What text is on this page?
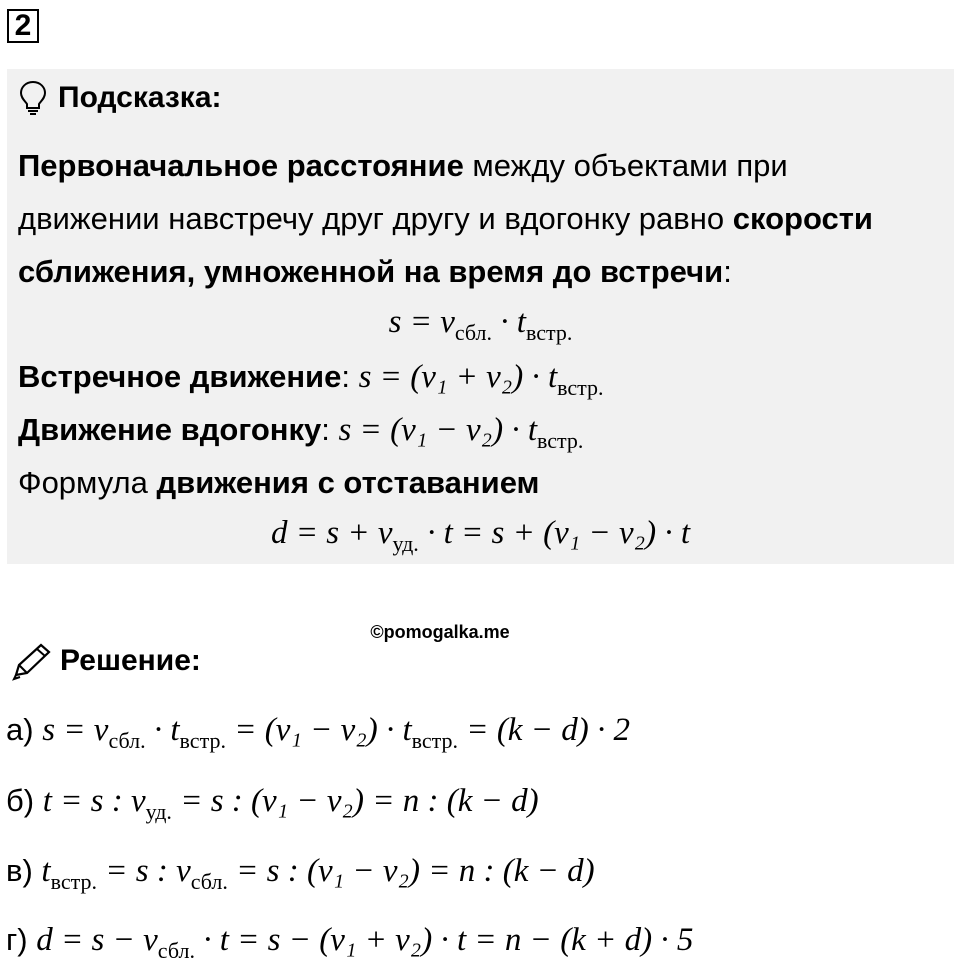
2
Подсказка:
Первоначальное расстояние между объектами при
движении навстречу друг другу и вдогонку равно скорости
сближения, умноженной на время до встречи:
$s = v_{сбл.} \cdot t_{встр.}$
Встречное движение: $s = (v_1 + v_2) \cdot t_{встр.}$
Движение вдогонку: $s = (v_1 - v_2) \cdot t_{встр.}$
Формула движения с отставанием
$d = s + v_{уд.} \cdot t = s + (v_1 - v_2) \cdot t$
©pomogalka.me
Решение:
а) $s = v_{сбл.} \cdot t_{встр.} = (v_1 - v_2) \cdot t_{встр.} = (k - d) \cdot 2$
б) t = s : $v_{уд.} = s$ : (v₁ − v₂) = n : (k − d)
в) $t_{встр.} = s$ : $v_{сбл.} = s$ : (v₁ − v₂) = n : (k − d)
г) $d = s - v_{сбл.} \cdot t = s - (v_1 + v_2) \cdot t = n - (k + d) \cdot 5$
